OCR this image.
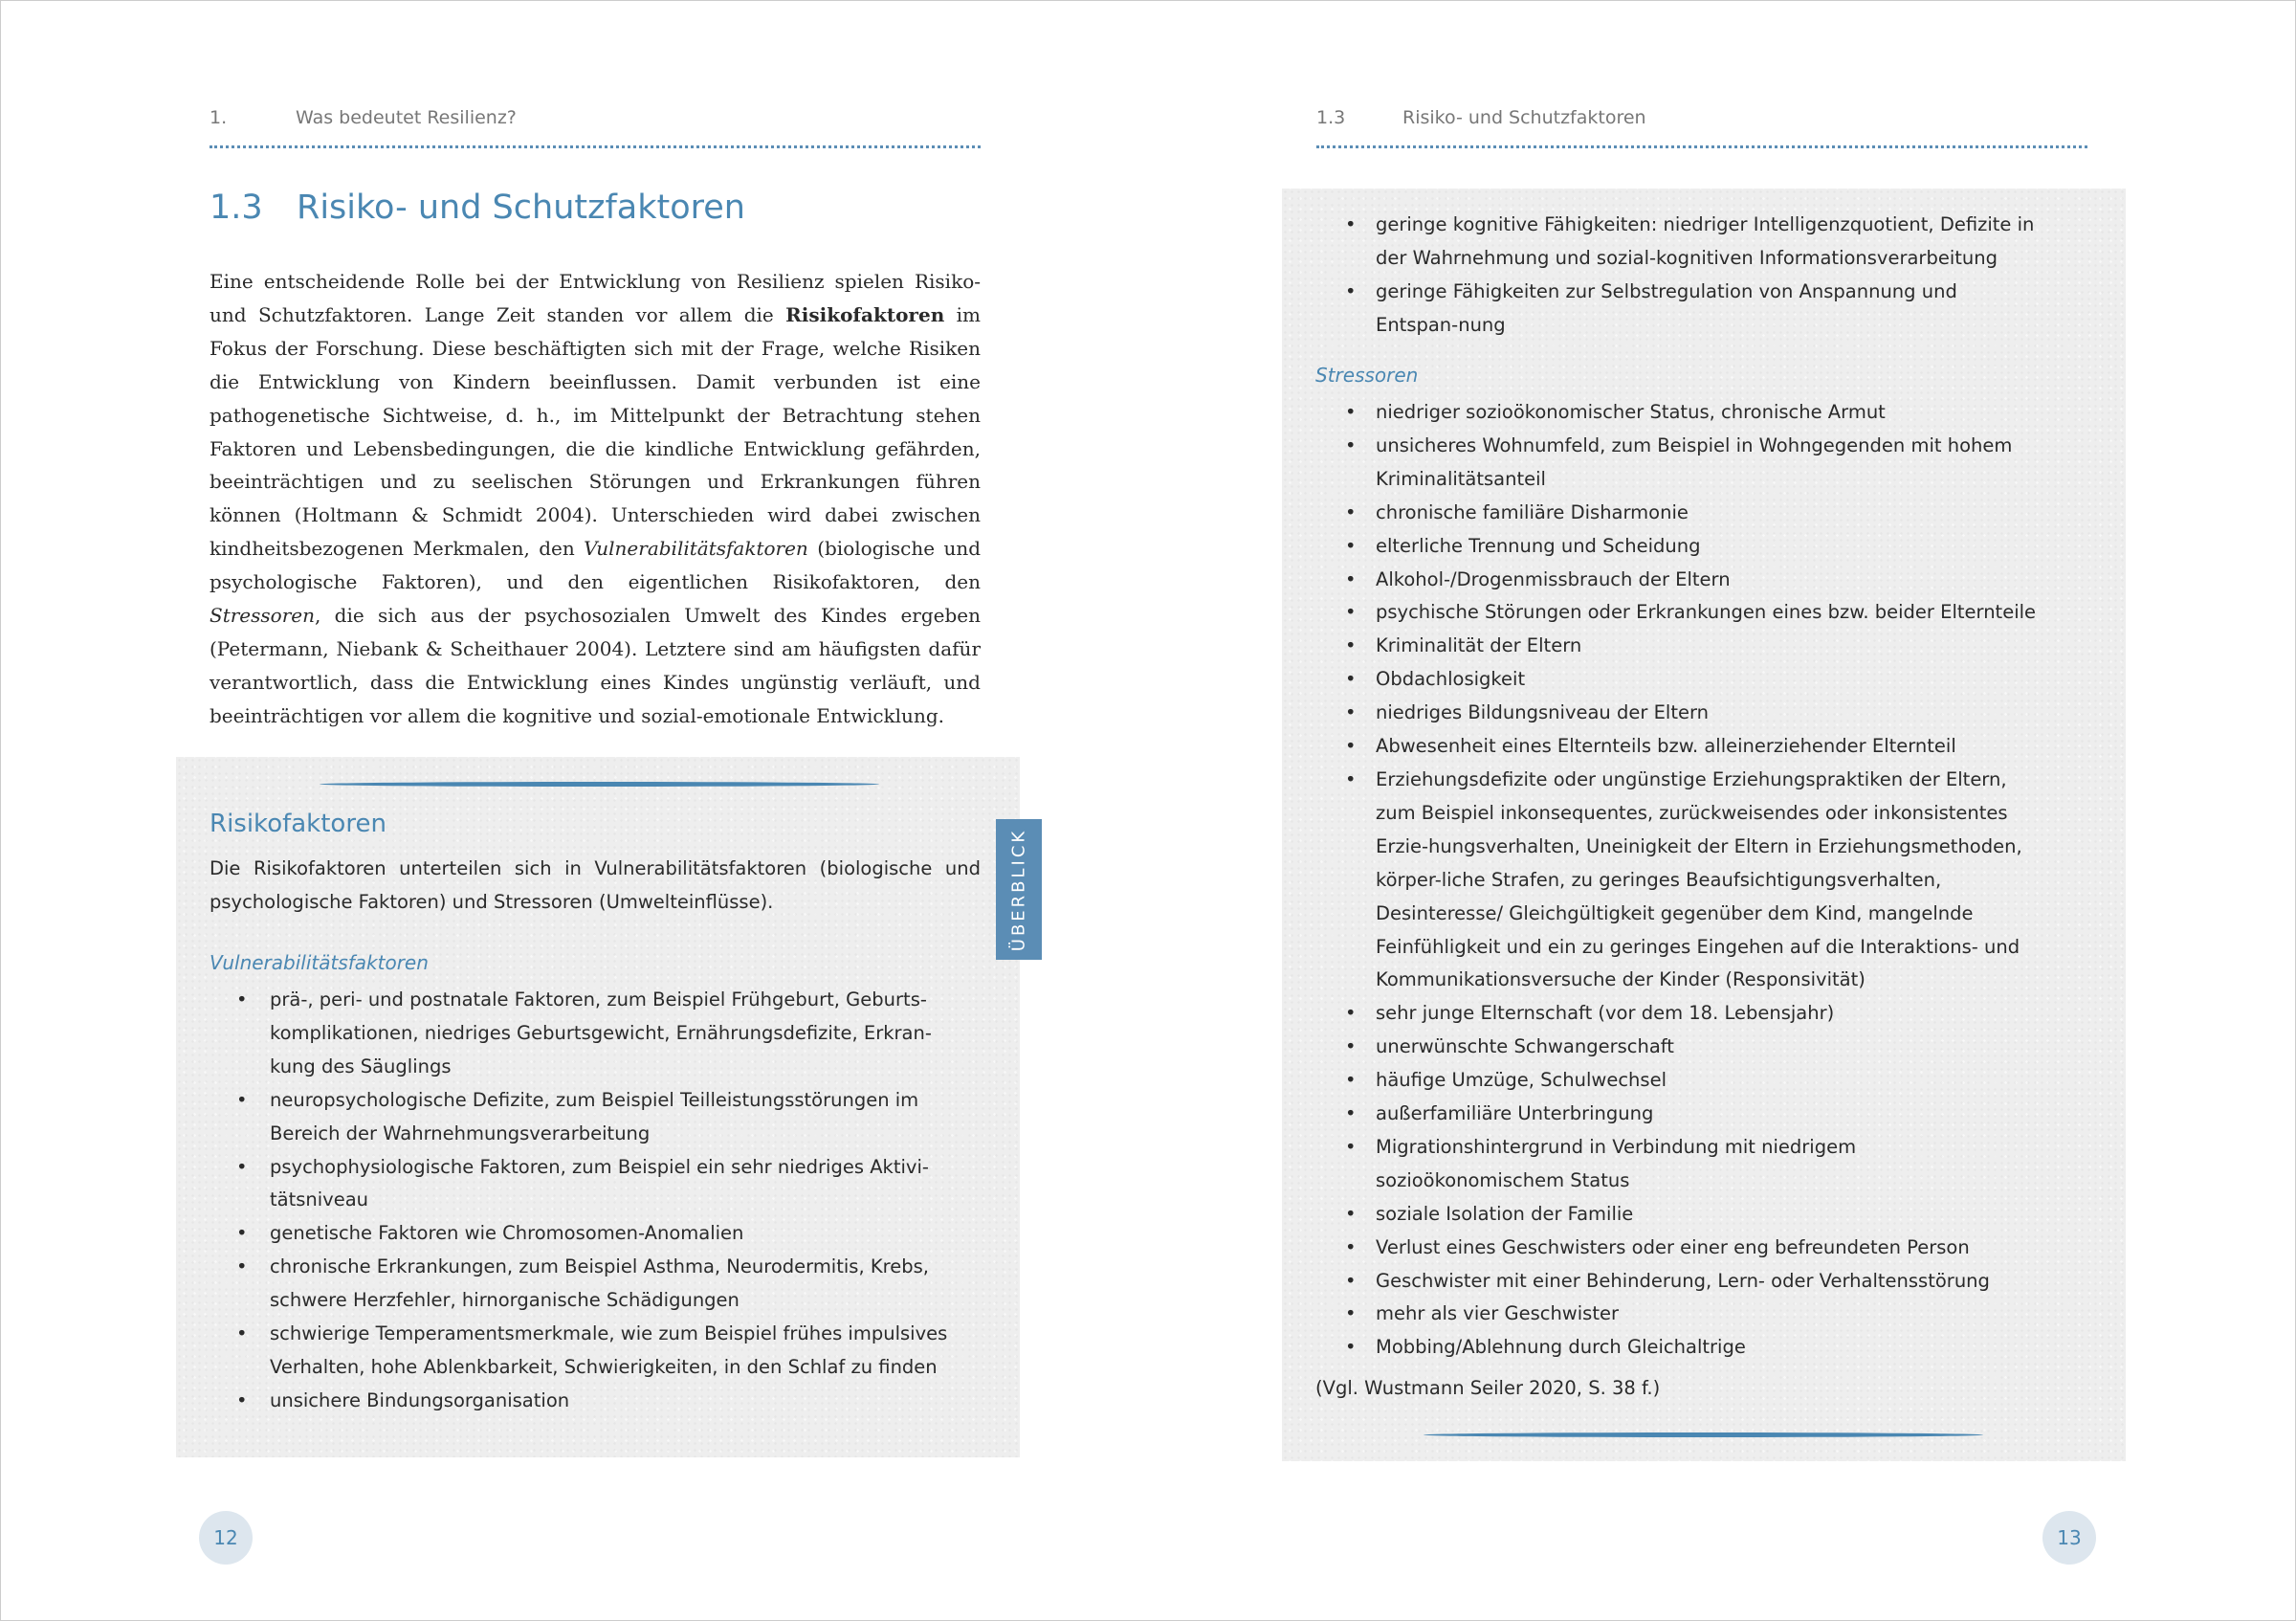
1.	Was bedeutet Resilienz?
1.3 Risiko- und Schutzfaktoren

Eine entscheidende Rolle bei der Entwicklung von Resilienz spielen Risiko- und Schutzfaktoren. Lange Zeit standen vor allem die Risikofaktoren im Fokus der Forschung. Diese beschäftigten sich mit der Frage, welche Risiken die Entwicklung von Kindern beeinflussen. Damit verbunden ist eine pathogenetische Sichtweise, d. h., im Mittelpunkt der Betrachtung stehen Faktoren und Lebensbedingungen, die die kindliche Entwicklung gefährden, beeinträchtigen und zu seelischen Störungen und Erkrankungen führen können (Holtmann & Schmidt 2004). Unterschieden wird dabei zwischen kindheitsbezogenen Merkmalen, den Vulnerabilitätsfaktoren (biologische und psychologische Faktoren), und den eigentlichen Risikofaktoren, den Stressoren, die sich aus der psychosozialen Umwelt des Kindes ergeben (Petermann, Niebank & Scheithauer 2004). Letztere sind am häufigsten dafür verantwortlich, dass die Entwicklung eines Kindes ungünstig verläuft, und beeinträchtigen vor allem die kognitive und sozial-emotionale Entwicklung.

Risikofaktoren

Die Risikofaktoren unterteilen sich in Vulnerabilitätsfaktoren (biologische und psychologische Faktoren) und Stressoren (Umwelteinflüsse).

Vulnerabilitätsfaktoren
• prä-, peri- und postnatale Faktoren, zum Beispiel Frühgeburt, Geburts-komplikationen, niedriges Geburtsgewicht, Ernährungsdefizite, Erkran-kung des Säuglings
• neuropsychologische Defizite, zum Beispiel Teilleistungsstörungen im Bereich der Wahrnehmungsverarbeitung
• psychophysiologische Faktoren, zum Beispiel ein sehr niedriges Aktivi-tätsniveau
• genetische Faktoren wie Chromosomen-Anomalien
• chronische Erkrankungen, zum Beispiel Asthma, Neurodermitis, Krebs, schwere Herzfehler, hirnorganische Schädigungen
• schwierige Temperamentsmerkmale, wie zum Beispiel frühes impulsives Verhalten, hohe Ablenkbarkeit, Schwierigkeiten, in den Schlaf zu finden
• unsichere Bindungsorganisation
ÜBERBLICK
12
1.3	Risiko- und Schutzfaktoren
• geringe kognitive Fähigkeiten: niedriger Intelligenzquotient, Defizite in der Wahrnehmung und sozial-kognitiven Informationsverarbeitung
• geringe Fähigkeiten zur Selbstregulation von Anspannung und Entspan-nung
Stressoren
• niedriger sozioökonomischer Status, chronische Armut
• unsicheres Wohnumfeld, zum Beispiel in Wohngegenden mit hohem Kriminalitätsanteil
• chronische familiäre Disharmonie
• elterliche Trennung und Scheidung
• Alkohol-/Drogenmissbrauch der Eltern
• psychische Störungen oder Erkrankungen eines bzw. beider Elternteile
• Kriminalität der Eltern
• Obdachlosigkeit
• niedriges Bildungsniveau der Eltern
• Abwesenheit eines Elternteils bzw. alleinerziehender Elternteil
• Erziehungsdefizite oder ungünstige Erziehungspraktiken der Eltern, zum Beispiel inkonsequentes, zurückweisendes oder inkonsistentes Erzie-hungsverhalten, Uneinigkeit der Eltern in Erziehungsmethoden, körper-liche Strafen, zu geringes Beaufsichtigungsverhalten, Desinteresse/ Gleichgültigkeit gegenüber dem Kind, mangelnde Feinfühligkeit und ein zu geringes Eingehen auf die Interaktions- und Kommunikationsversuche der Kinder (Responsivität)
• sehr junge Elternschaft (vor dem 18. Lebensjahr)
• unerwünschte Schwangerschaft
• häufige Umzüge, Schulwechsel
• außerfamiliäre Unterbringung
• Migrationshintergrund in Verbindung mit niedrigem sozioökonomischem Status
• soziale Isolation der Familie
• Verlust eines Geschwisters oder einer eng befreundeten Person
• Geschwister mit einer Behinderung, Lern- oder Verhaltensstörung
• mehr als vier Geschwister
• Mobbing/Ablehnung durch Gleichaltrige

(Vgl. Wustmann Seiler 2020, S. 38 f.)

13
